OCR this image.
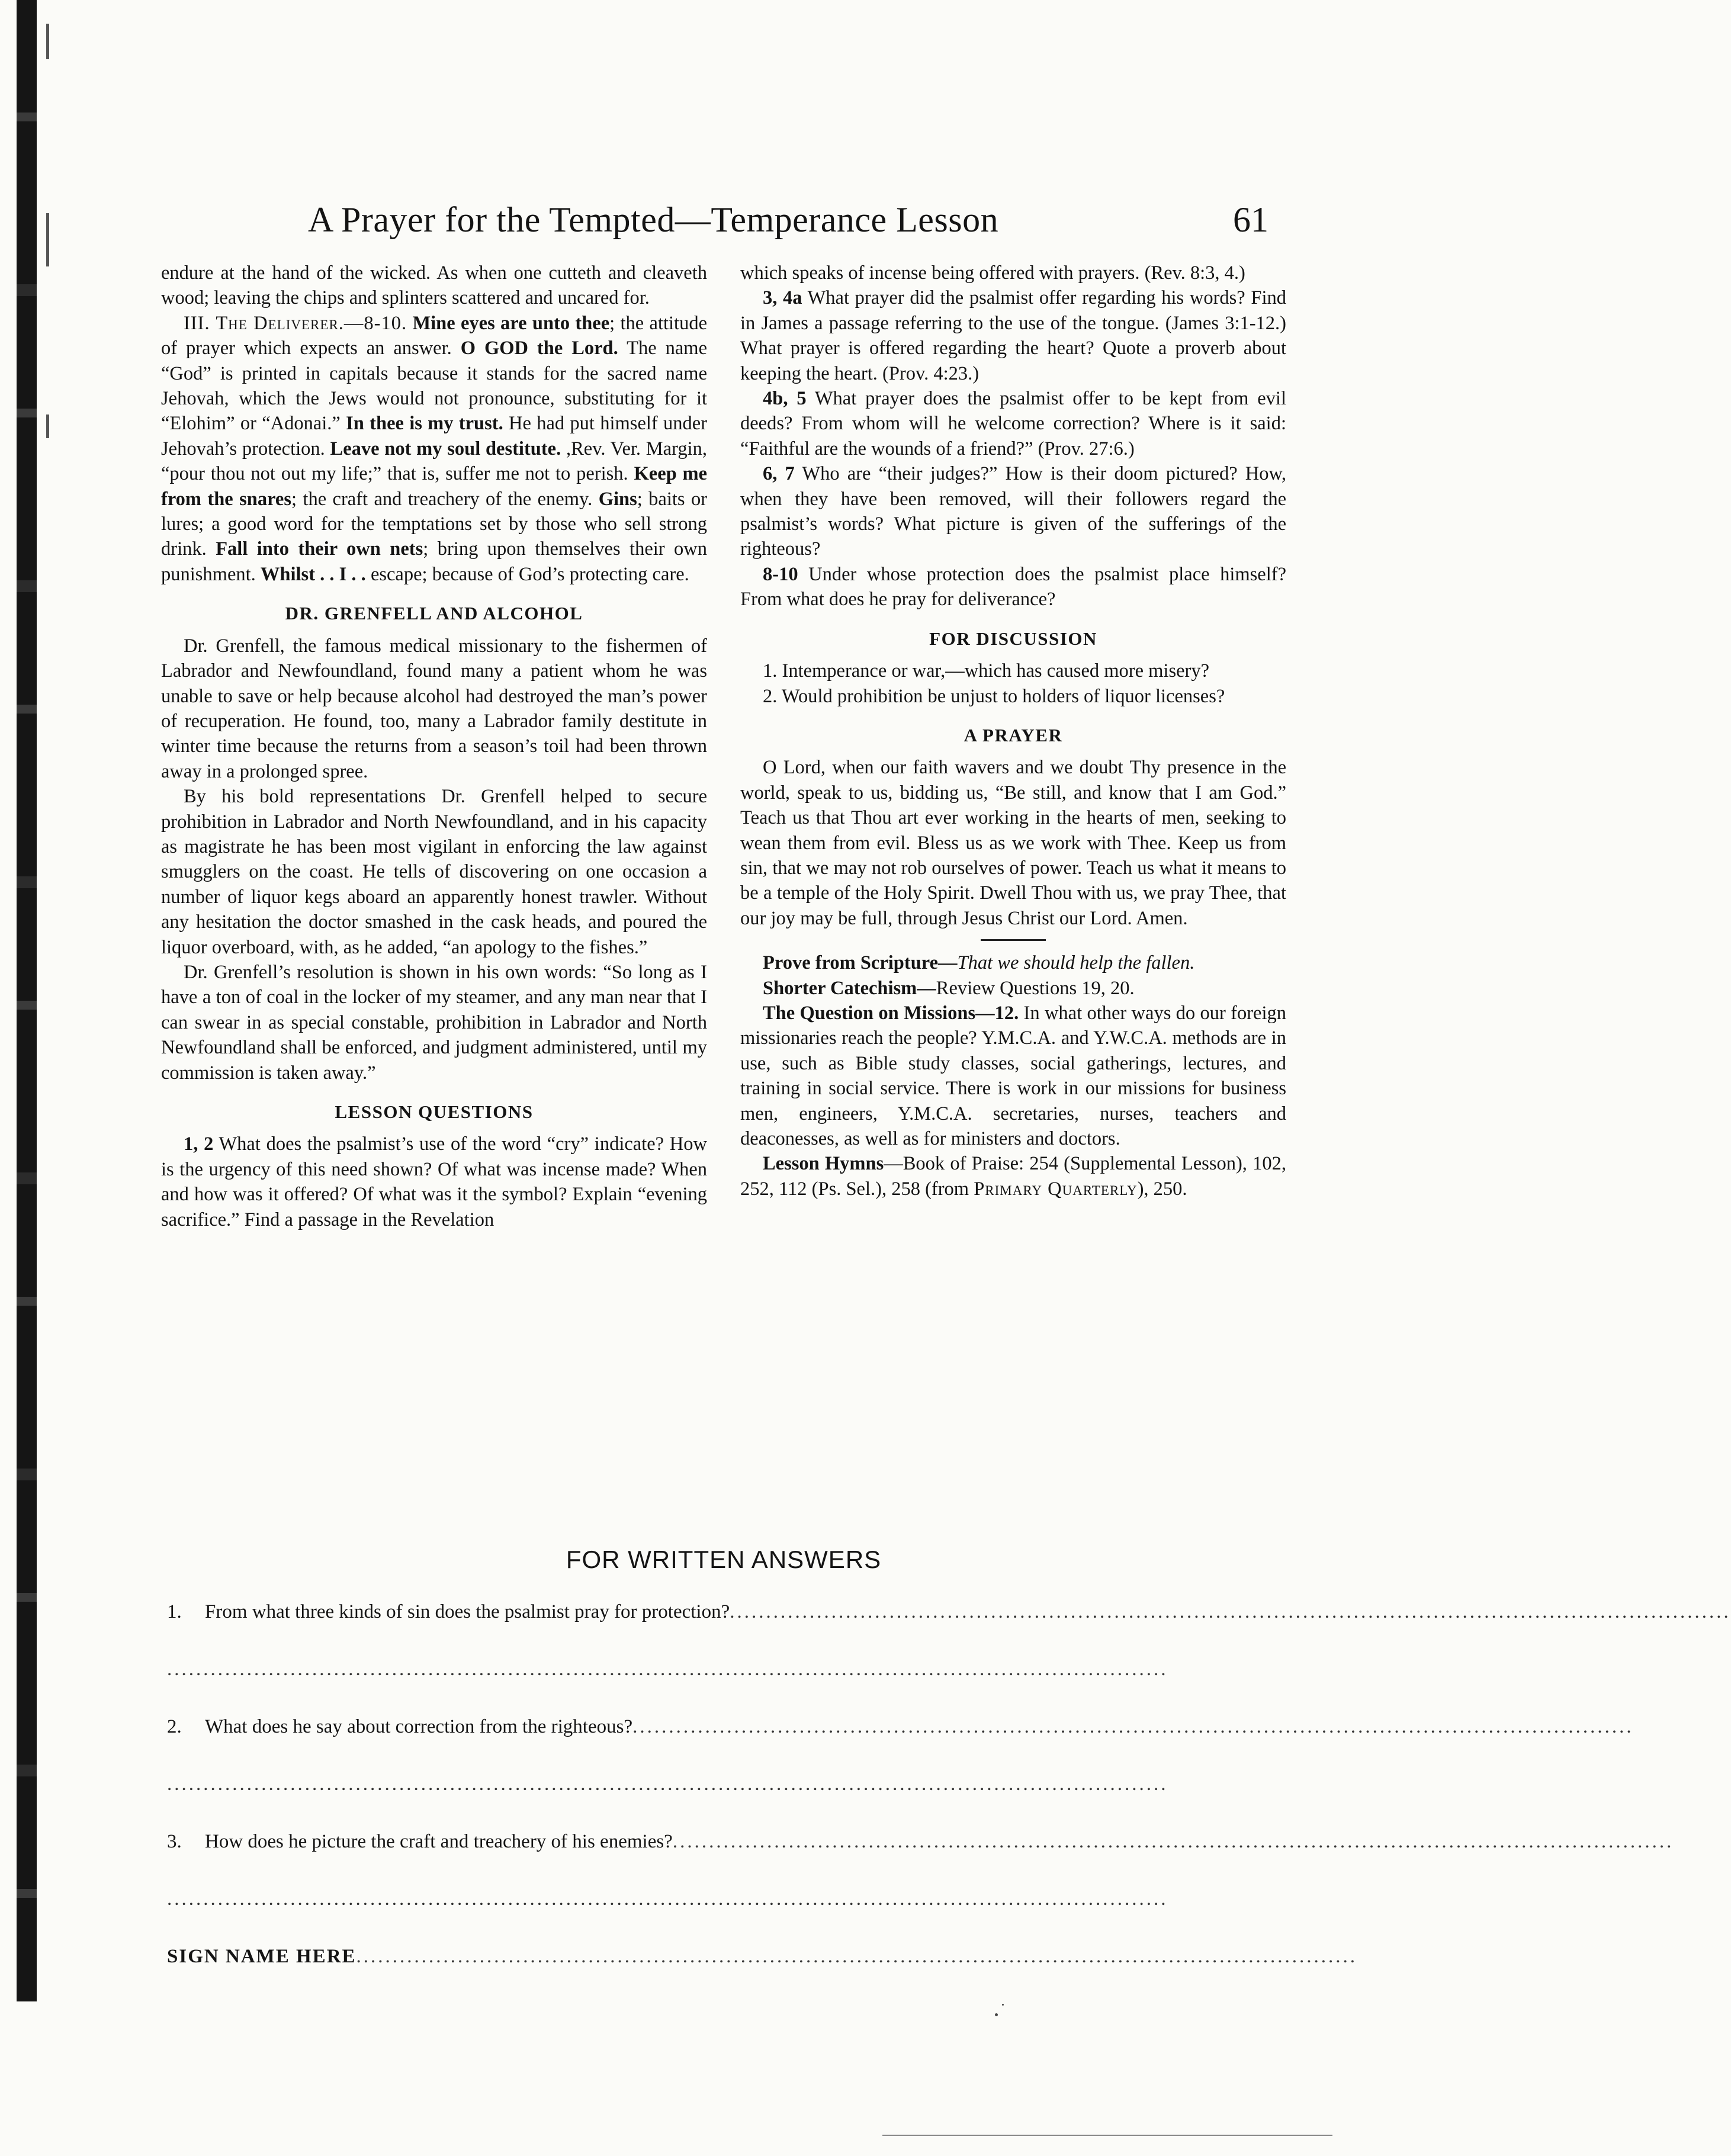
A Prayer for the Tempted—Temperance Lesson	61

endure at the hand of the wicked. As when one cutteth and cleaveth wood; leaving the chips and splinters scattered and uncared for.

III. The Deliverer.—8-10. Mine eyes are unto thee; the attitude of prayer which expects an answer. O GOD the Lord. The name “God” is printed in capitals because it stands for the sacred name Jehovah, which the Jews would not pronounce, substituting for it “Elohim” or “Adonai.” In thee is my trust. He had put himself under Jehovah’s protection. Leave not my soul destitute. ,Rev. Ver. Margin, “pour thou not out my life;” that is, suffer me not to perish. Keep me from the snares; the craft and treachery of the enemy. Gins; baits or lures; a good word for the temptations set by those who sell strong drink. Fall into their own nets; bring upon themselves their own punishment. Whilst . . I . . escape; because of God’s protecting care.

DR. GRENFELL AND ALCOHOL

Dr. Grenfell, the famous medical missionary to the fishermen of Labrador and Newfoundland, found many a patient whom he was unable to save or help because alcohol had destroyed the man’s power of recuperation. He found, too, many a Labrador family destitute in winter time because the returns from a season’s toil had been thrown away in a prolonged spree.

By his bold representations Dr. Grenfell helped to secure prohibition in Labrador and North Newfoundland, and in his capacity as magistrate he has been most vigilant in enforcing the law against smugglers on the coast. He tells of discovering on one occasion a number of liquor kegs aboard an apparently honest trawler. Without any hesitation the doctor smashed in the cask heads, and poured the liquor overboard, with, as he added, “an apology to the fishes.”

Dr. Grenfell’s resolution is shown in his own words: “So long as I have a ton of coal in the locker of my steamer, and any man near that I can swear in as special constable, prohibition in Labrador and North Newfoundland shall be enforced, and judgment administered, until my commission is taken away.”

LESSON QUESTIONS

1, 2 What does the psalmist’s use of the word “cry” indicate? How is the urgency of this need shown? Of what was incense made? When and how was it offered? Of what was it the symbol? Explain “evening sacrifice.” Find a passage in the Revelation

which speaks of incense being offered with prayers. (Rev. 8:3, 4.)

3, 4a What prayer did the psalmist offer regarding his words? Find in James a passage referring to the use of the tongue. (James 3:1-12.) What prayer is offered regarding the heart? Quote a proverb about keeping the heart. (Prov. 4:23.)

4b, 5 What prayer does the psalmist offer to be kept from evil deeds? From whom will he welcome correction? Where is it said: “Faithful are the wounds of a friend?” (Prov. 27:6.)

6, 7 Who are “their judges?” How is their doom pictured? How, when they have been removed, will their followers regard the psalmist’s words? What picture is given of the sufferings of the righteous?

8-10 Under whose protection does the psalmist place himself? From what does he pray for deliverance?

FOR DISCUSSION

1. Intemperance or war,—which has caused more misery?

2. Would prohibition be unjust to holders of liquor licenses?

A PRAYER

O Lord, when our faith wavers and we doubt Thy presence in the world, speak to us, bidding us, “Be still, and know that I am God.” Teach us that Thou art ever working in the hearts of men, seeking to wean them from evil. Bless us as we work with Thee. Keep us from sin, that we may not rob ourselves of power. Teach us what it means to be a temple of the Holy Spirit. Dwell Thou with us, we pray Thee, that our joy may be full, through Jesus Christ our Lord. Amen.

Prove from Scripture—That we should help the fallen.

Shorter Catechism—Review Questions 19, 20.

The Question on Missions—12. In what other ways do our foreign missionaries reach the people? Y.M.C.A. and Y.W.C.A. methods are in use, such as Bible study classes, social gatherings, lectures, and training in social service. There is work in our missions for business men, engineers, Y.M.C.A. secretaries, nurses, teachers and deaconesses, as well as for ministers and doctors.

Lesson Hymns—Book of Praise: 254 (Supplemental Lesson), 102, 252, 112 (Ps. Sel.), 258 (from Primary Quarterly), 250.

FOR WRITTEN ANSWERS
1. From what three kinds of sin does the psalmist pray for protection?..........................................................................................................................................
..........................................................................................................................................
2. What does he say about correction from the righteous?..........................................................................................................................................
..........................................................................................................................................
3. How does he picture the craft and treachery of his enemies?..........................................................................................................................................
..........................................................................................................................................
SIGN NAME HERE..........................................................................................................................................
